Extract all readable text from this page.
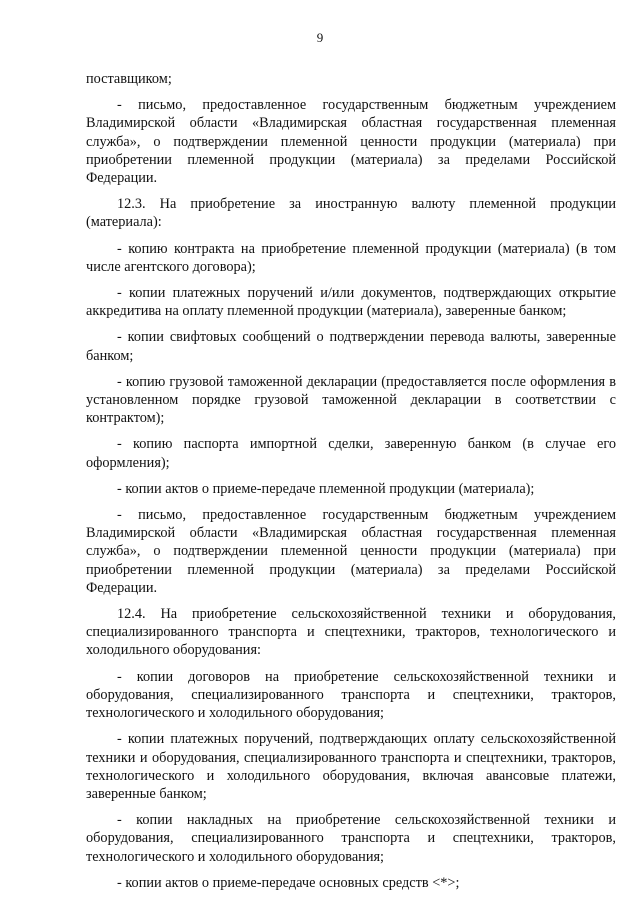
9

поставщиком;

- письмо, предоставленное государственным бюджетным учреждением Владимирской области «Владимирская областная государственная племенная служба», о подтверждении племенной ценности продукции (материала) при приобретении племенной продукции (материала) за пределами Российской Федерации.

12.3. На приобретение за иностранную валюту племенной продукции (материала):

- копию контракта на приобретение племенной продукции (материала) (в том числе агентского договора);

- копии платежных поручений и/или документов, подтверждающих открытие аккредитива на оплату племенной продукции (материала), заверенные банком;

- копии свифтовых сообщений о подтверждении перевода валюты, заверенные банком;

- копию грузовой таможенной декларации (предоставляется после оформления в установленном порядке грузовой таможенной декларации в соответствии с контрактом);

- копию паспорта импортной сделки, заверенную банком (в случае его оформления);

- копии актов о приеме-передаче племенной продукции (материала);

- письмо, предоставленное государственным бюджетным учреждением Владимирской области «Владимирская областная государственная племенная служба», о подтверждении племенной ценности продукции (материала) при приобретении племенной продукции (материала) за пределами Российской Федерации.

12.4. На приобретение сельскохозяйственной техники и оборудования, специализированного транспорта и спецтехники, тракторов, технологического и холодильного оборудования:

- копии договоров на приобретение сельскохозяйственной техники и оборудования, специализированного транспорта и спецтехники, тракторов, технологического и холодильного оборудования;

- копии платежных поручений, подтверждающих оплату сельскохозяйственной техники и оборудования, специализированного транспорта и спецтехники, тракторов, технологического и холодильного оборудования, включая авансовые платежи, заверенные банком;

- копии накладных на приобретение сельскохозяйственной техники и оборудования, специализированного транспорта и спецтехники, тракторов, технологического и холодильного оборудования;

- копии актов о приеме-передаче основных средств <*>;
